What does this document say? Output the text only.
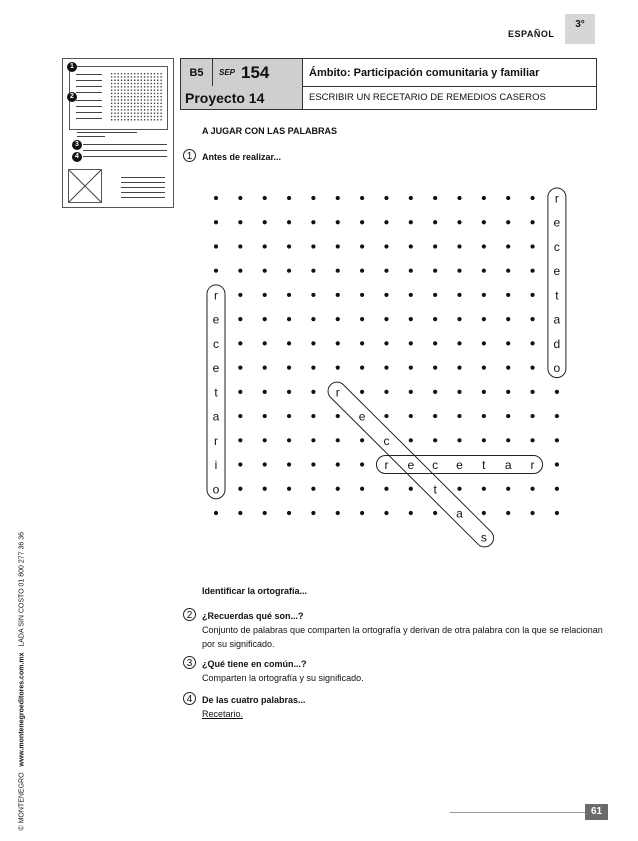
ESPAÑOL
3°
1
2
3
4
B5	SEP 154	Ámbito: Participación comunitaria y familiar
Proyecto 14	ESCRIBIR UN RECETARIO DE REMEDIOS CASEROS
© MONTENEGRO   www.montenegroeditores.com.mx   LADA SIN COSTO 01 800 277 36 36
A JUGAR CON LAS PALABRAS
1	Antes de realizar...
r
e
c
e
t
a
d
o
r
e
c
e
t
a
r
i
o
r
e
c
e
t
a
s
r	c e t a r
Identificar la ortografía...
2	¿Recuerdas qué son...?
Conjunto de palabras que comparten la ortografía y derivan de otra palabra con la que se relacionan por su significado.
3	¿Qué tiene en común...?
Comparten la ortografía y su significado.
4	De las cuatro palabras...
Recetario.
61
